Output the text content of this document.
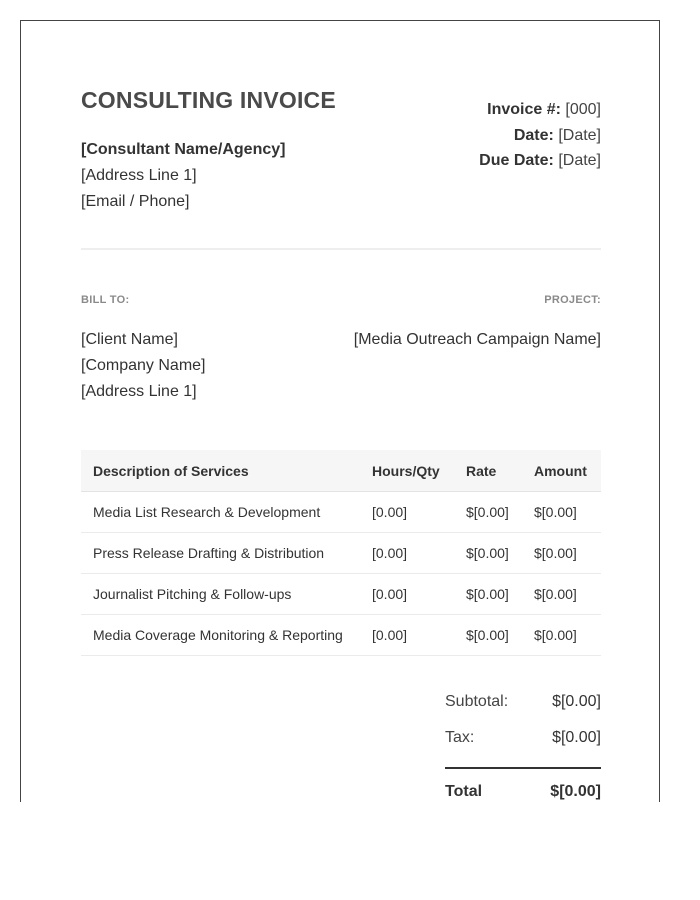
CONSULTING INVOICE
[Consultant Name/Agency]
[Address Line 1]
[Email / Phone]
Invoice #: [000]
Date: [Date]
Due Date: [Date]
BILL TO:	PROJECT:
[Client Name]
[Company Name]
[Address Line 1]
[Media Outreach Campaign Name]
Description of Services	Hours/Qty	Rate	Amount
Media List Research & Development	[0.00]	$[0.00]	$[0.00]
Press Release Drafting & Distribution	[0.00]	$[0.00]	$[0.00]
Journalist Pitching & Follow-ups	[0.00]	$[0.00]	$[0.00]
Media Coverage Monitoring & Reporting	[0.00]	$[0.00]	$[0.00]
Subtotal:	$[0.00]
Tax:	$[0.00]
Total	$[0.00]
